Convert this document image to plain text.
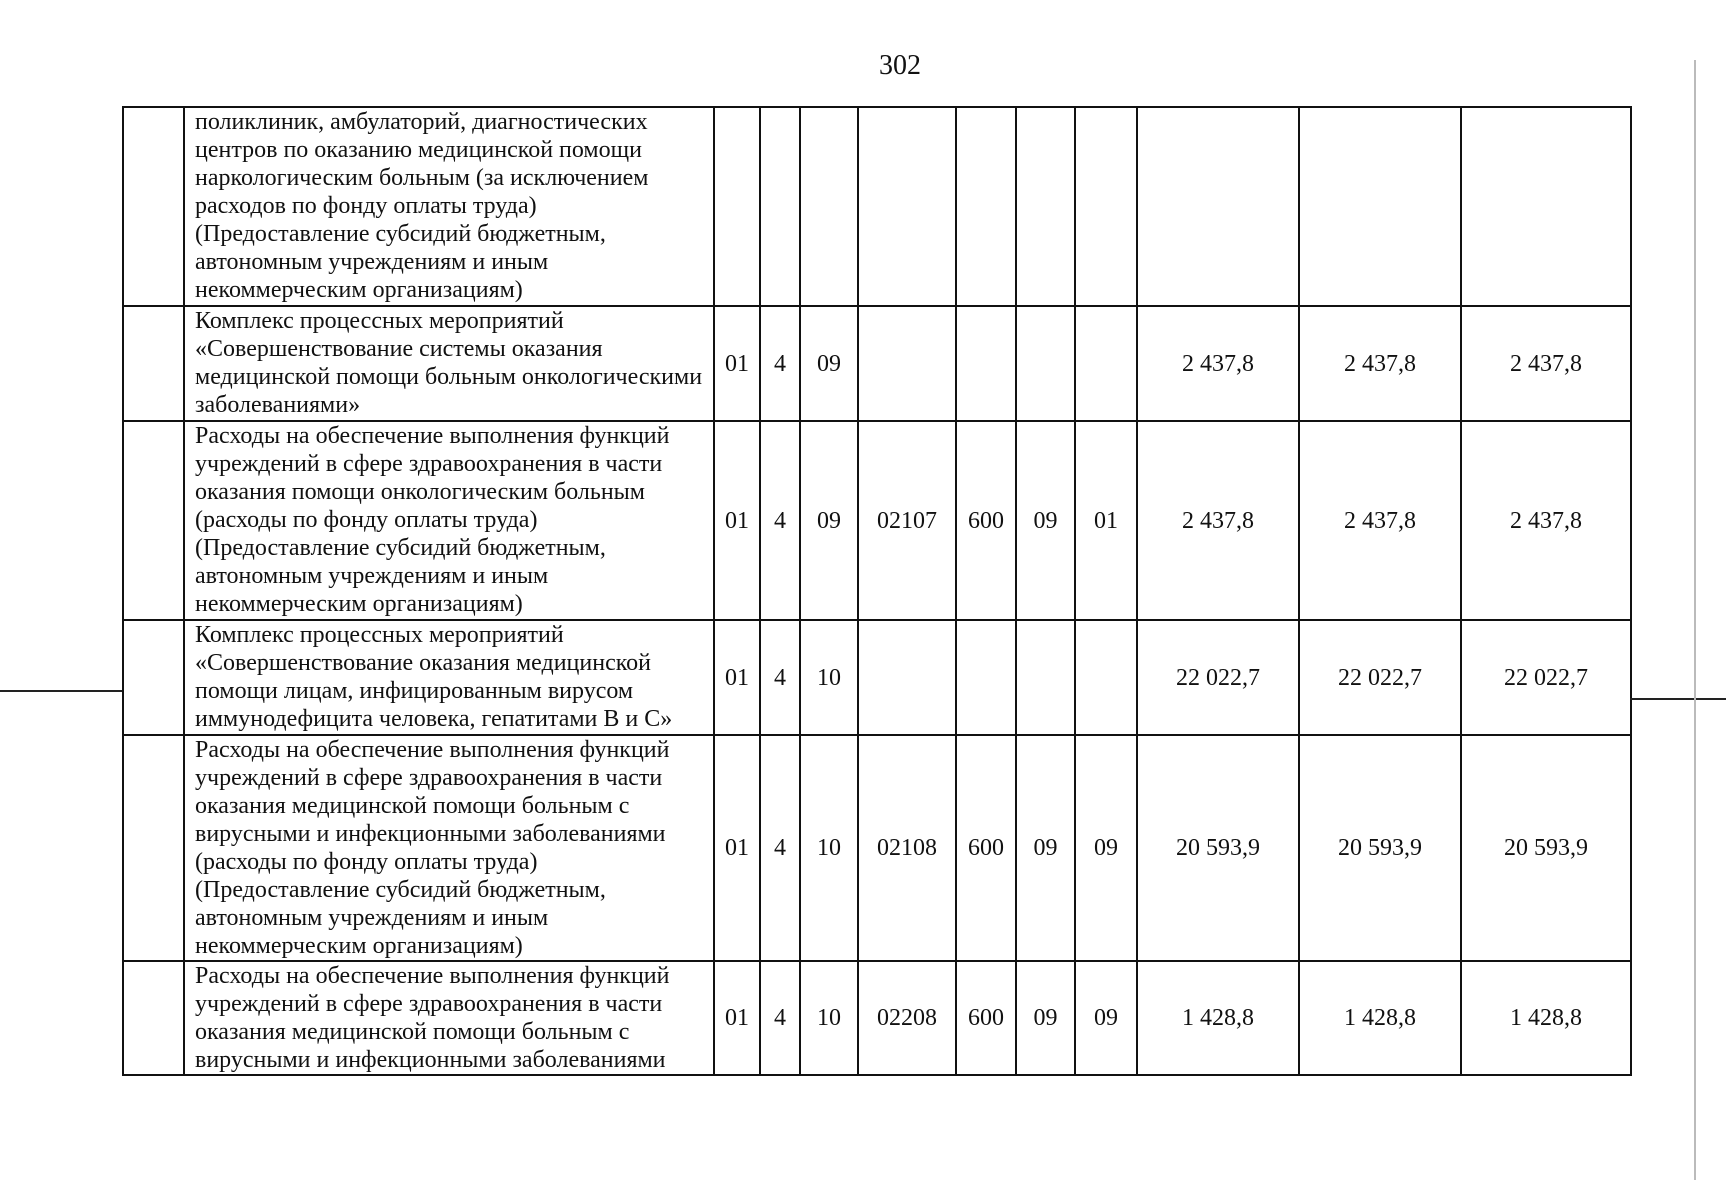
302
	поликлиник, амбулаторий, диагностических центров по оказанию медицинской помощи наркологическим больным (за исключением расходов по фонду оплаты труда) (Предоставление субсидий бюджетным, автономным учреждениям и иным некоммерческим организациям)										
	Комплекс процессных мероприятий «Совершенствование системы оказания медицинской помощи больным онкологическими заболеваниями»	01	4	09					2 437,8	2 437,8	2 437,8
	Расходы на обеспечение выполнения функций учреждений в сфере здравоохранения в части оказания помощи онкологическим больным (расходы по фонду оплаты труда) (Предоставление субсидий бюджетным, автономным учреждениям и иным некоммерческим организациям)	01	4	09	02107	600	09	01	2 437,8	2 437,8	2 437,8
	Комплекс процессных мероприятий «Совершенствование оказания медицинской помощи лицам, инфицированным вирусом иммунодефицита человека, гепатитами В и С»	01	4	10					22 022,7	22 022,7	22 022,7
	Расходы на обеспечение выполнения функций учреждений в сфере здравоохранения в части оказания медицинской помощи больным с вирусными и инфекционными заболеваниями (расходы по фонду оплаты труда) (Предоставление субсидий бюджетным, автономным учреждениям и иным некоммерческим организациям)	01	4	10	02108	600	09	09	20 593,9	20 593,9	20 593,9
	Расходы на обеспечение выполнения функций учреждений в сфере здравоохранения в части оказания медицинской помощи больным с вирусными и инфекционными заболеваниями	01	4	10	02208	600	09	09	1 428,8	1 428,8	1 428,8
